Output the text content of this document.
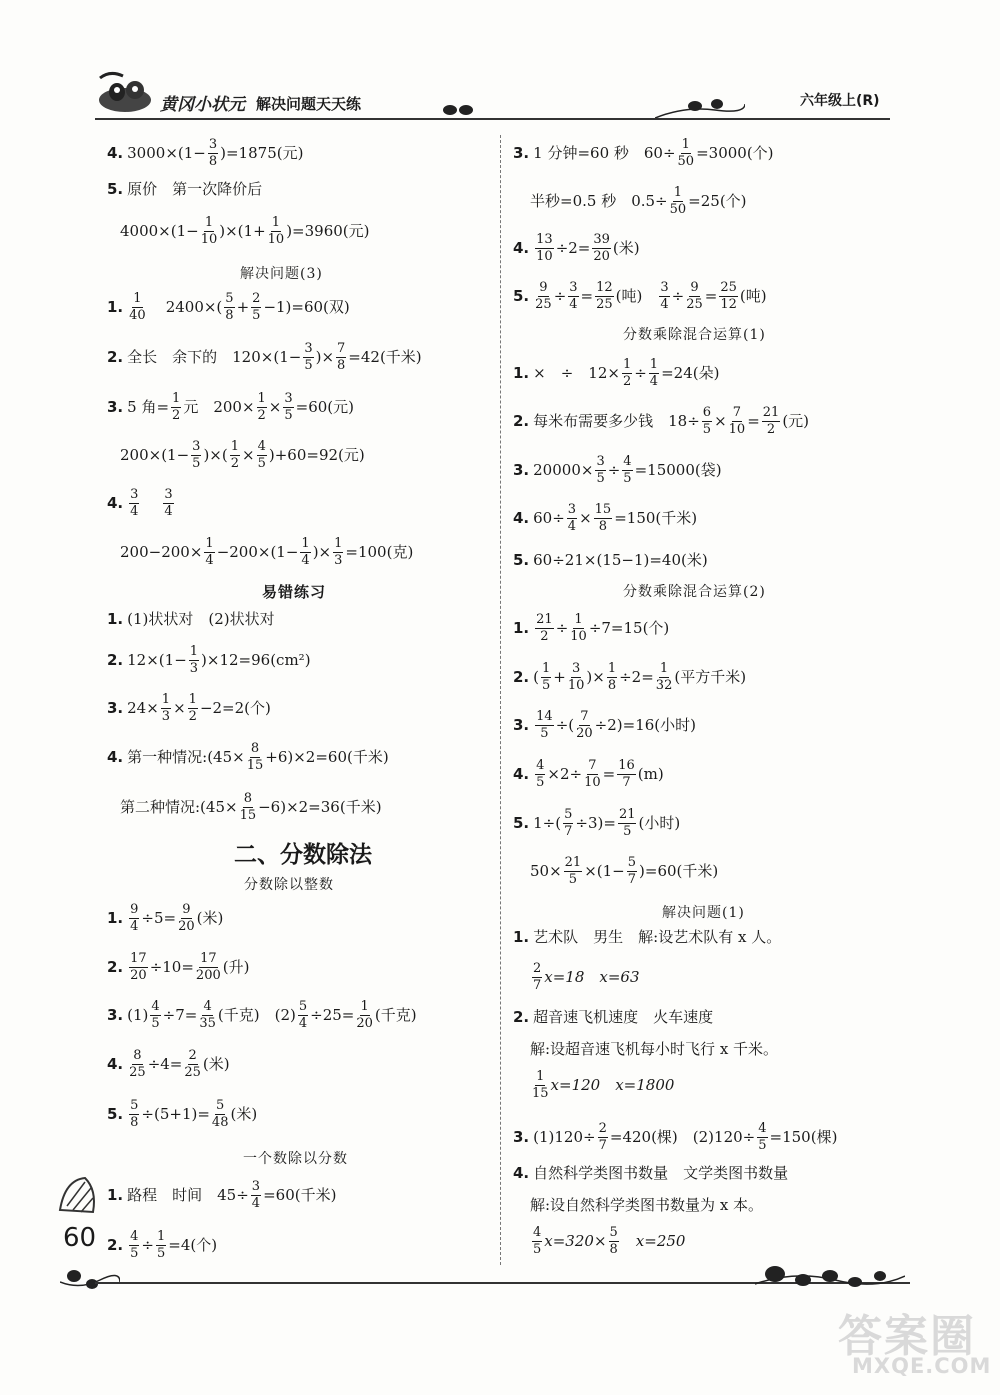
黄冈小状元 解决问题天天练	六年级上(R)
4. $3000\times(1- \frac{3}{8} )=1875$(元)
5. 原价　第一次降价后
$4000\times(1- \frac{1}{10} )\times(1+ \frac{1}{10} )=3960$(元)
解决问题(3)
1. $\frac{1}{40} 2400\times( \frac{5}{8} + \frac{2}{5} -1)=60$(双)
2. 全长　余下的　$120\times(1- \frac{3}{5}$ )× $\frac{7}{8} =42$(千米)
3. 5 角= $\frac{1}{2}$ 元　$200\times \frac{1}{2} \times \frac{3}{5} =60$(元)
$200\times(1- \frac{3}{5}$ )×( $\frac{1}{2} \times \frac{4}{5} )+60=92$(元)
4. $\frac{3}{4} \frac{3}{4}$
$200-200\times \frac{1}{4} -200\times(1- \frac{1}{4}$ )× $\frac{1}{3} =100$(克)
易错练习
1. (1)状状对　(2)状状对
2. $12\times(1- \frac{1}{3} )\times 12=96(cm^2)$
3. $24\times \frac{1}{3} \times \frac{1}{2} -2=2$(个)
4. 第一种情况:(45× $\frac{8}{15} +6)\times 2=60$(千米)
第二种情况:(45× $\frac{8}{15} -6)\times 2=36$(千米)
二、分数除法
分数除以整数
1. $\frac{9}{4} \div 5= \frac{9}{20}$ (米)
2. $\frac{17}{20} \div 10= \frac{17}{200}$ (升)
3. $(1) \frac{4}{5} \div 7= \frac{4}{35}$ (千克)　$(2) \frac{5}{4} \div 25= \frac{1}{20}$ (千克)
4. $\frac{8}{25} \div 4= \frac{2}{25}$ (米)
5. $\frac{5}{8} \div(5+1)= \frac{5}{48}$ (米)
一个数除以分数
1. 路程　时间　$45\div \frac{3}{4} =60$(千米)
60 2. $\frac{4}{5} \div \frac{1}{5} =4$(个)
3. 1 分钟=60 秒　$60\div \frac{1}{50} =3000$(个)
半秒=0.5 秒　$0.5\div \frac{1}{50} =25$(个)
4. $\frac{13}{10} \div 2= \frac{39}{20}$ (米)
5. $\frac{9}{25} \div \frac{3}{4} = \frac{12}{25}$ (吨)　 $\frac{3}{4} \div \frac{9}{25} = \frac{25}{12}$ (吨)
分数乘除混合运算(1)
1. ×　÷　$12\times \frac{1}{2} \div \frac{1}{4} =24$(朵)
2. 每米布需要多少钱　$18\div \frac{6}{5} \times \frac{7}{10} = \frac{21}{2}$ (元)
3. $20000\times \frac{3}{5} \div \frac{4}{5} =15000$(袋)
4. $60\div \frac{3}{4} \times \frac{15}{8} =150$(千米)
5. 60÷21×(15−1)=40(米)
分数乘除混合运算(2)
1. $\frac{21}{2} \div \frac{1}{10} \div 7=15$(个)
2. ( $\frac{1}{5} + \frac{3}{10}$ )× $\frac{1}{8} \div 2= \frac{1}{32}$ (平方千米)
3. $\frac{14}{5}$ ÷( $\frac{7}{20} \div 2)=16$(小时)
4. $\frac{4}{5} \times 2\div \frac{7}{10} = \frac{16}{7} (m)$
5. $1\div( \frac{5}{7} \div 3)= \frac{21}{5}$ (小时)
$50\times \frac{21}{5} \times(1- \frac{5}{7} )=60$(千米)
解决问题(1)
1. 艺术队　男生　解:设艺术队有 x 人。
$\frac{2}{7} x=18$　x=63
2. 超音速飞机速度　火车速度
解:设超音速飞机每小时飞行 x 千米。
$\frac{1}{15} x=120$　x=1800
3. $(1)120\div \frac{2}{7} =420$(棵)　$(2)120\div \frac{4}{5} =150$(棵)
4. 自然科学类图书数量　文学类图书数量
解:设自然科学类图书数量为 x 本。
$\frac{4}{5} x=320\times \frac{5}{8}$ 　x=250
答案圈
MXQE.COM
